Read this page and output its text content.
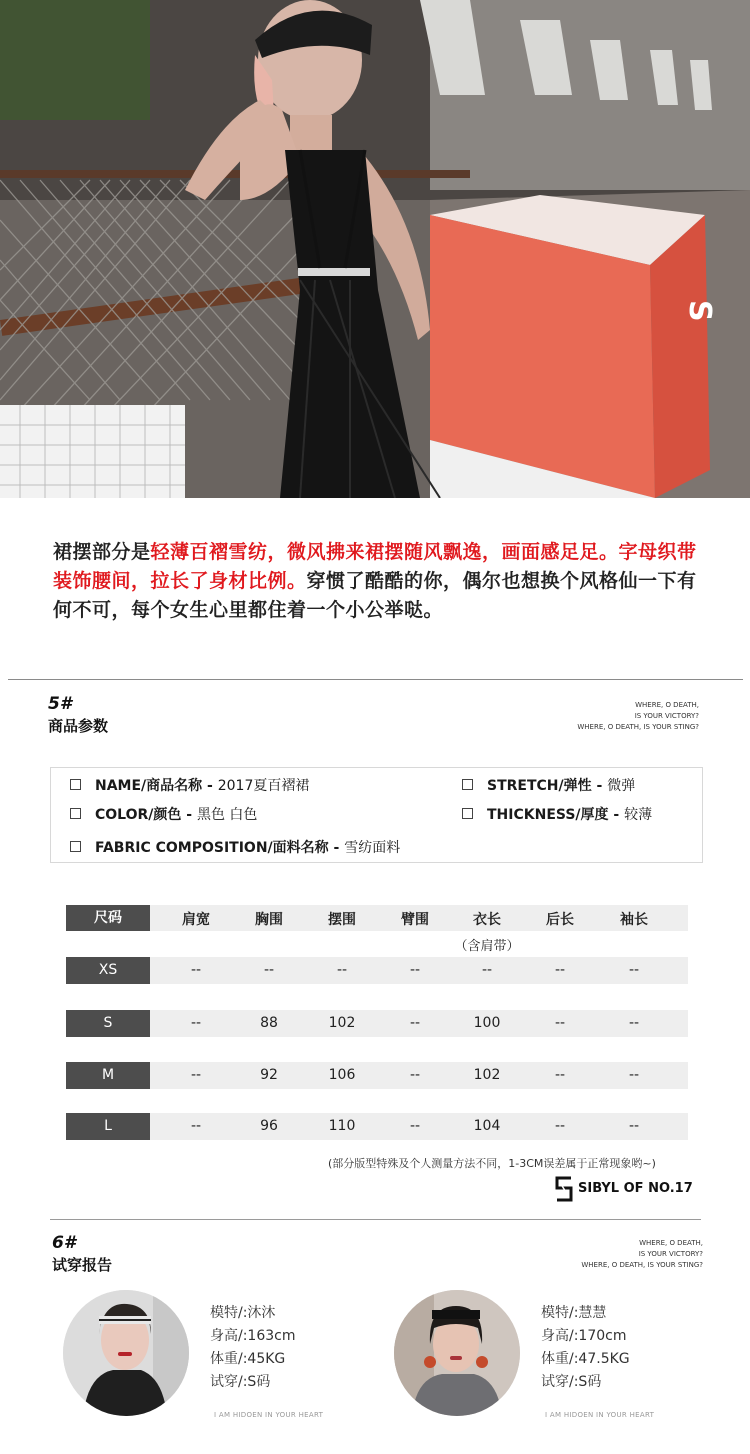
S
裙摆部分是轻薄百褶雪纺，微风拂来裙摆随风飘逸，画面感足足。字母织带装饰腰间，拉长了身材比例。穿惯了酷酷的你，偶尔也想换个风格仙一下有何不可，每个女生心里都住着一个小公举哒。
5#
商品参数
WHERE, O DEATH,
IS YOUR VICTORY?
WHERE, O DEATH, IS YOUR STING?
NAME/商品名称 - 2017夏百褶裙
COLOR/颜色 - 黑色 白色
FABRIC COMPOSITION/面料名称 - 雪纺面料
STRETCH/弹性 - 微弹
THICKNESS/厚度 - 较薄
尺码	肩宽	胸围	摆围	臂围	衣长	后长	袖长
（含肩带）
XS	--	--	--	--	--	--	--
S	--	88	102	--	100	--	--
M	--	92	106	--	102	--	--
L	--	96	110	--	104	--	--
(部分版型特殊及个人测量方法不同，1-3CM误差属于正常现象哟~)
SIBYL OF NO.17
6#
试穿报告
WHERE, O DEATH,
IS YOUR VICTORY?
WHERE, O DEATH, IS YOUR STING?
模特/:沐沐
身高/:163cm
体重/:45KG
试穿/:S码
I AM HIDOEN IN YOUR HEART
模特/:慧慧
身高/:170cm
体重/:47.5KG
试穿/:S码
I AM HIDOEN IN YOUR HEART
